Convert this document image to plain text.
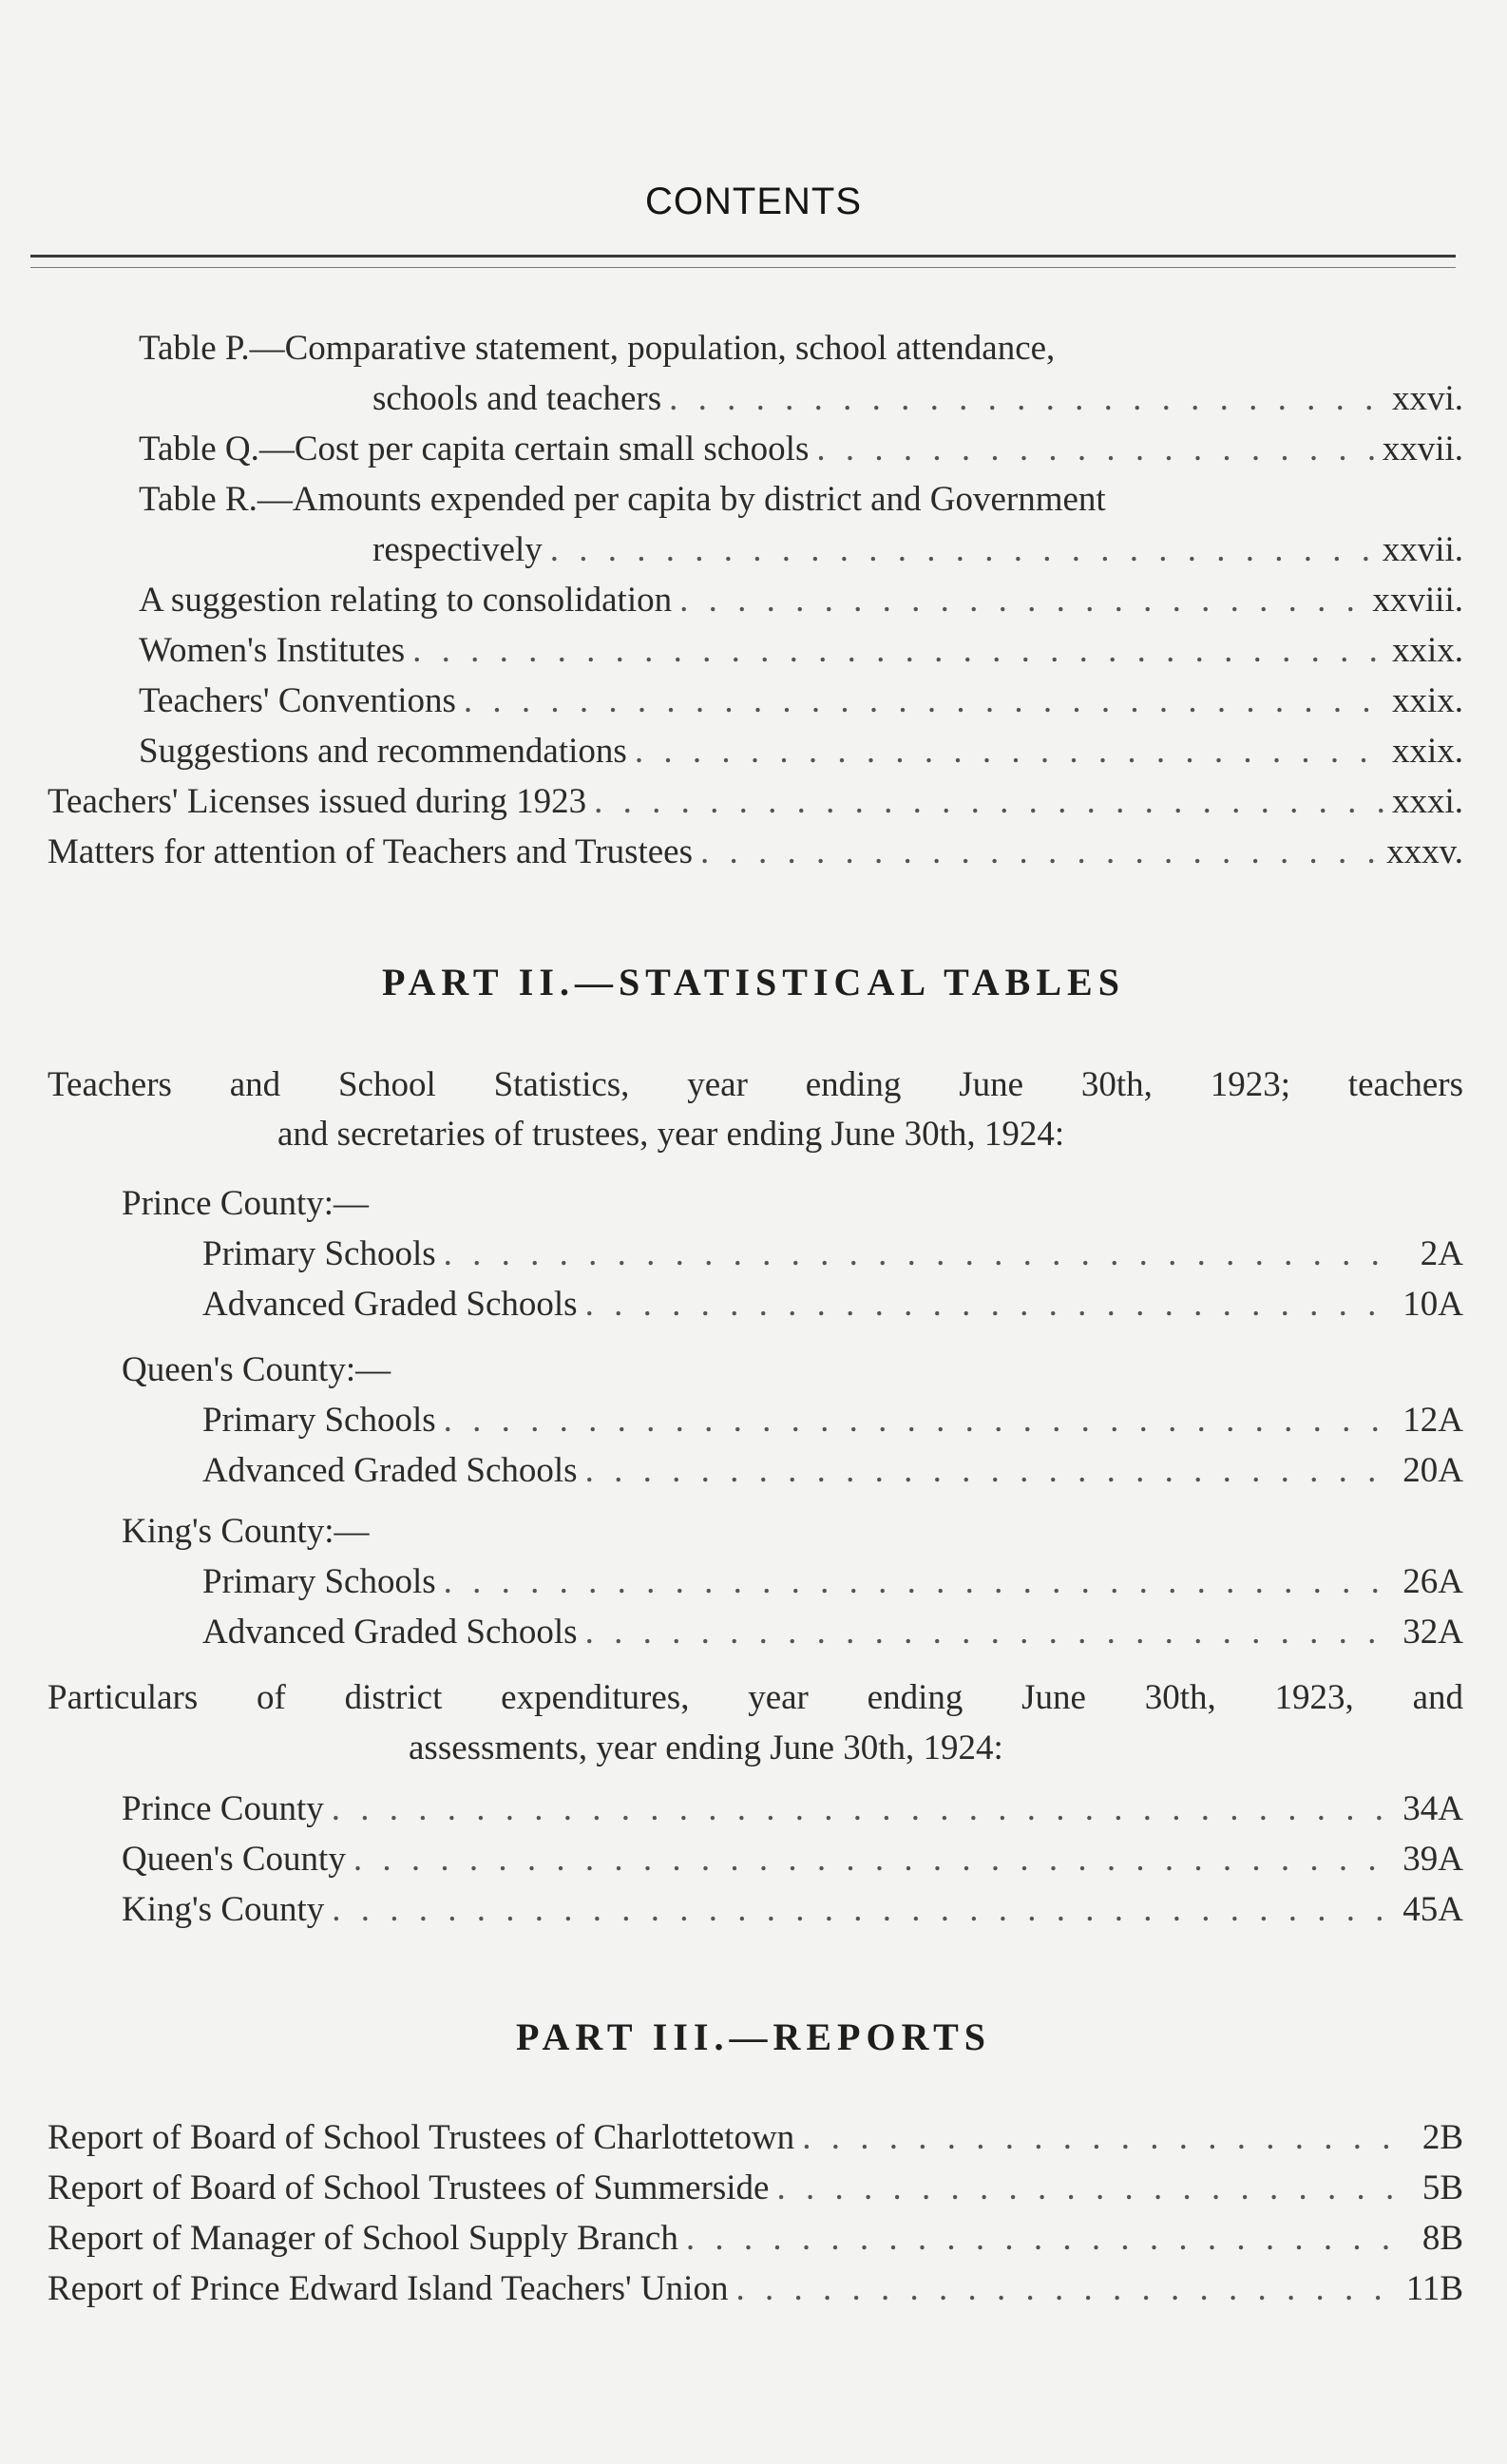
CONTENTS
Table P.—Comparative statement, population, school attendance,
schools and teachers . . .	xxvi.
Table Q.—Cost per capita certain small schools . . .	xxvii.
Table R.—Amounts expended per capita by district and Government
respectively . . .	xxvii.
A suggestion relating to consolidation . . .	xxviii.
Women's Institutes . . .	xxix.
Teachers' Conventions . . .	xxix.
Suggestions and recommendations . . .	xxix.
Teachers' Licenses issued during 1923 . . .	xxxi.
Matters for attention of Teachers and Trustees . . .	xxxv.
PART II.—STATISTICAL TABLES
Teachers and School Statistics, year ending June 30th, 1923; teachers
and secretaries of trustees, year ending June 30th, 1924:
Prince County:—
Primary Schools . . .	2A
Advanced Graded Schools . . .	10A
Queen's County:—
Primary Schools . . .	12A
Advanced Graded Schools . . .	20A
King's County:—
Primary Schools . . .	26A
Advanced Graded Schools . . .	32A
Particulars of district expenditures, year ending June 30th, 1923, and
assessments, year ending June 30th, 1924:
Prince County . . .	34A
Queen's County . . .	39A
King's County . . .	45A
PART III.—REPORTS
Report of Board of School Trustees of Charlottetown . . .	2B
Report of Board of School Trustees of Summerside . . .	5B
Report of Manager of School Supply Branch . . .	8B
Report of Prince Edward Island Teachers' Union . . .	11B
